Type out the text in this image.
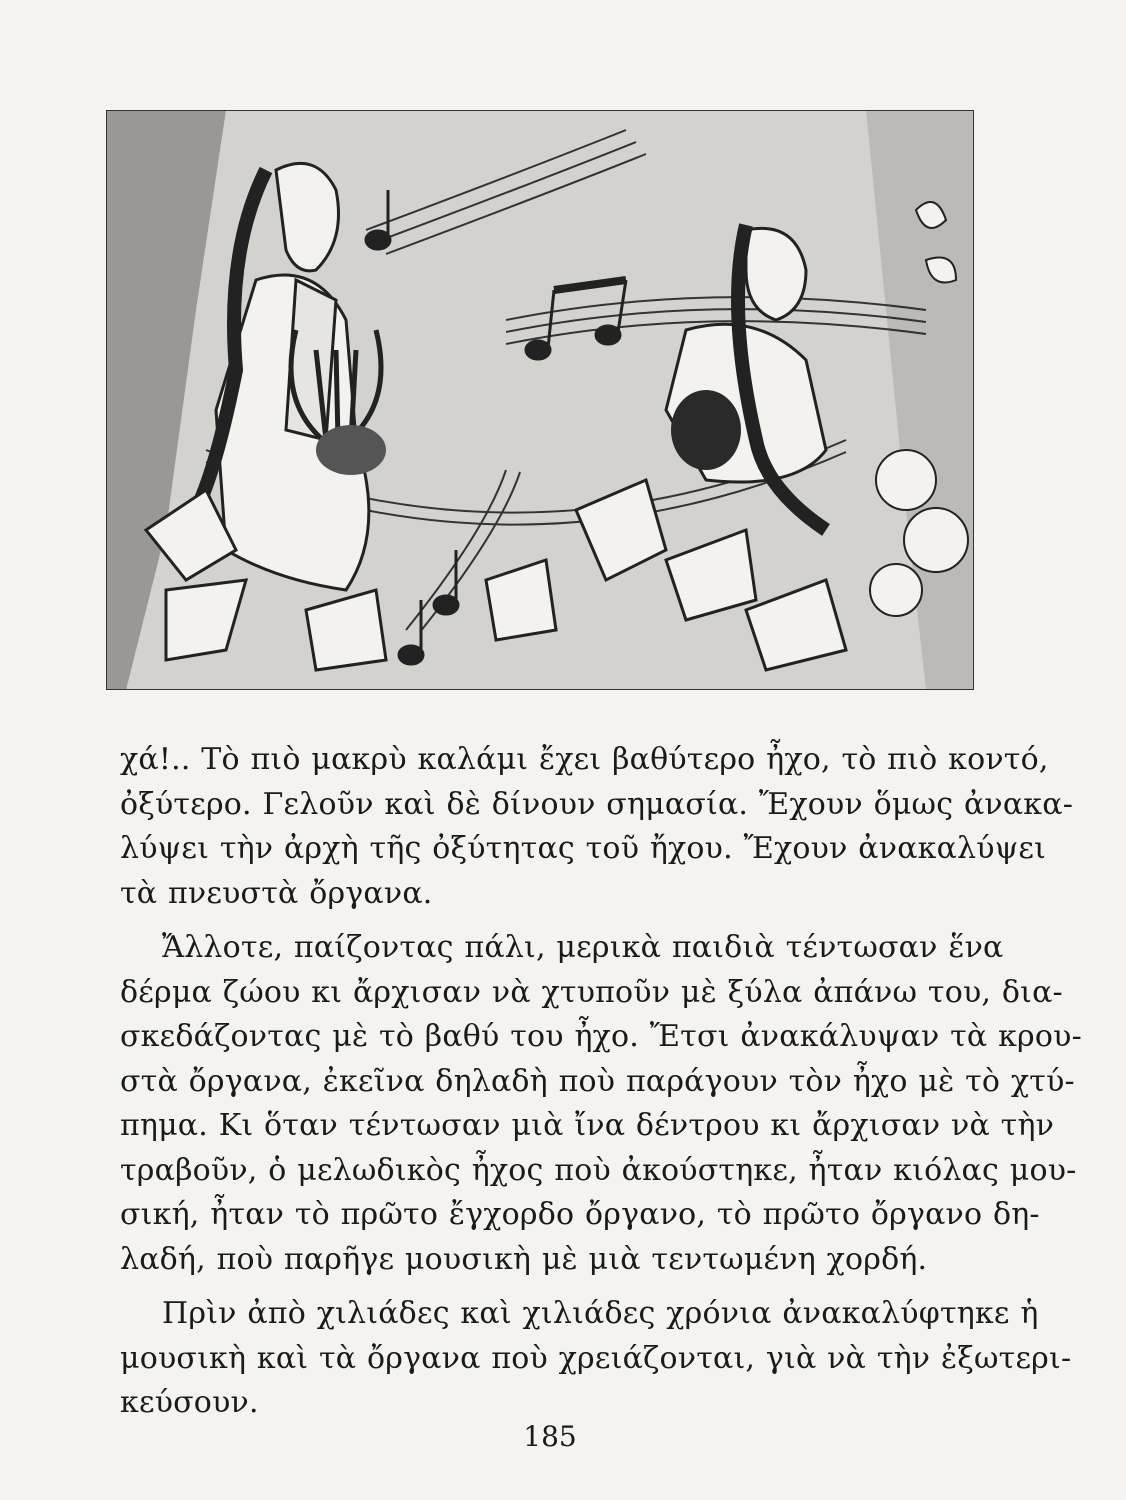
χά!.. Τὸ πιὸ μακρὺ καλάμι ἔχει βαθύτερο ἦχο, τὸ πιὸ κοντό,
ὀξύτερο. Γελοῦν καὶ δὲ δίνουν σημασία. Ἔχουν ὅμως ἀνακα-
λύψει τὴν ἀρχὴ τῆς ὀξύτητας τοῦ ἤχου. Ἔχουν ἀνακαλύψει
τὰ πνευστὰ ὄργανα.

Ἄλλοτε, παίζοντας πάλι, μερικὰ παιδιὰ τέντωσαν ἕνα
δέρμα ζώου κι ἄρχισαν νὰ χτυποῦν μὲ ξύλα ἀπάνω του, δια-
σκεδάζοντας μὲ τὸ βαθύ του ἦχο. Ἔτσι ἀνακάλυψαν τὰ κρου-
στὰ ὄργανα, ἐκεῖνα δηλαδὴ ποὺ παράγουν τὸν ἦχο μὲ τὸ χτύ-
πημα. Κι ὅταν τέντωσαν μιὰ ἴνα δέντρου κι ἄρχισαν νὰ τὴν
τραβοῦν, ὁ μελωδικὸς ἦχος ποὺ ἀκούστηκε, ἦταν κιόλας μου-
σική, ἦταν τὸ πρῶτο ἔγχορδο ὄργανο, τὸ πρῶτο ὄργανο δη-
λαδή, ποὺ παρῆγε μουσικὴ μὲ μιὰ τεντωμένη χορδή.

Πρὶν ἀπὸ χιλιάδες καὶ χιλιάδες χρόνια ἀνακαλύφτηκε ἡ
μουσικὴ καὶ τὰ ὄργανα ποὺ χρειάζονται, γιὰ νὰ τὴν ἐξωτερι-
κεύσουν.

185
